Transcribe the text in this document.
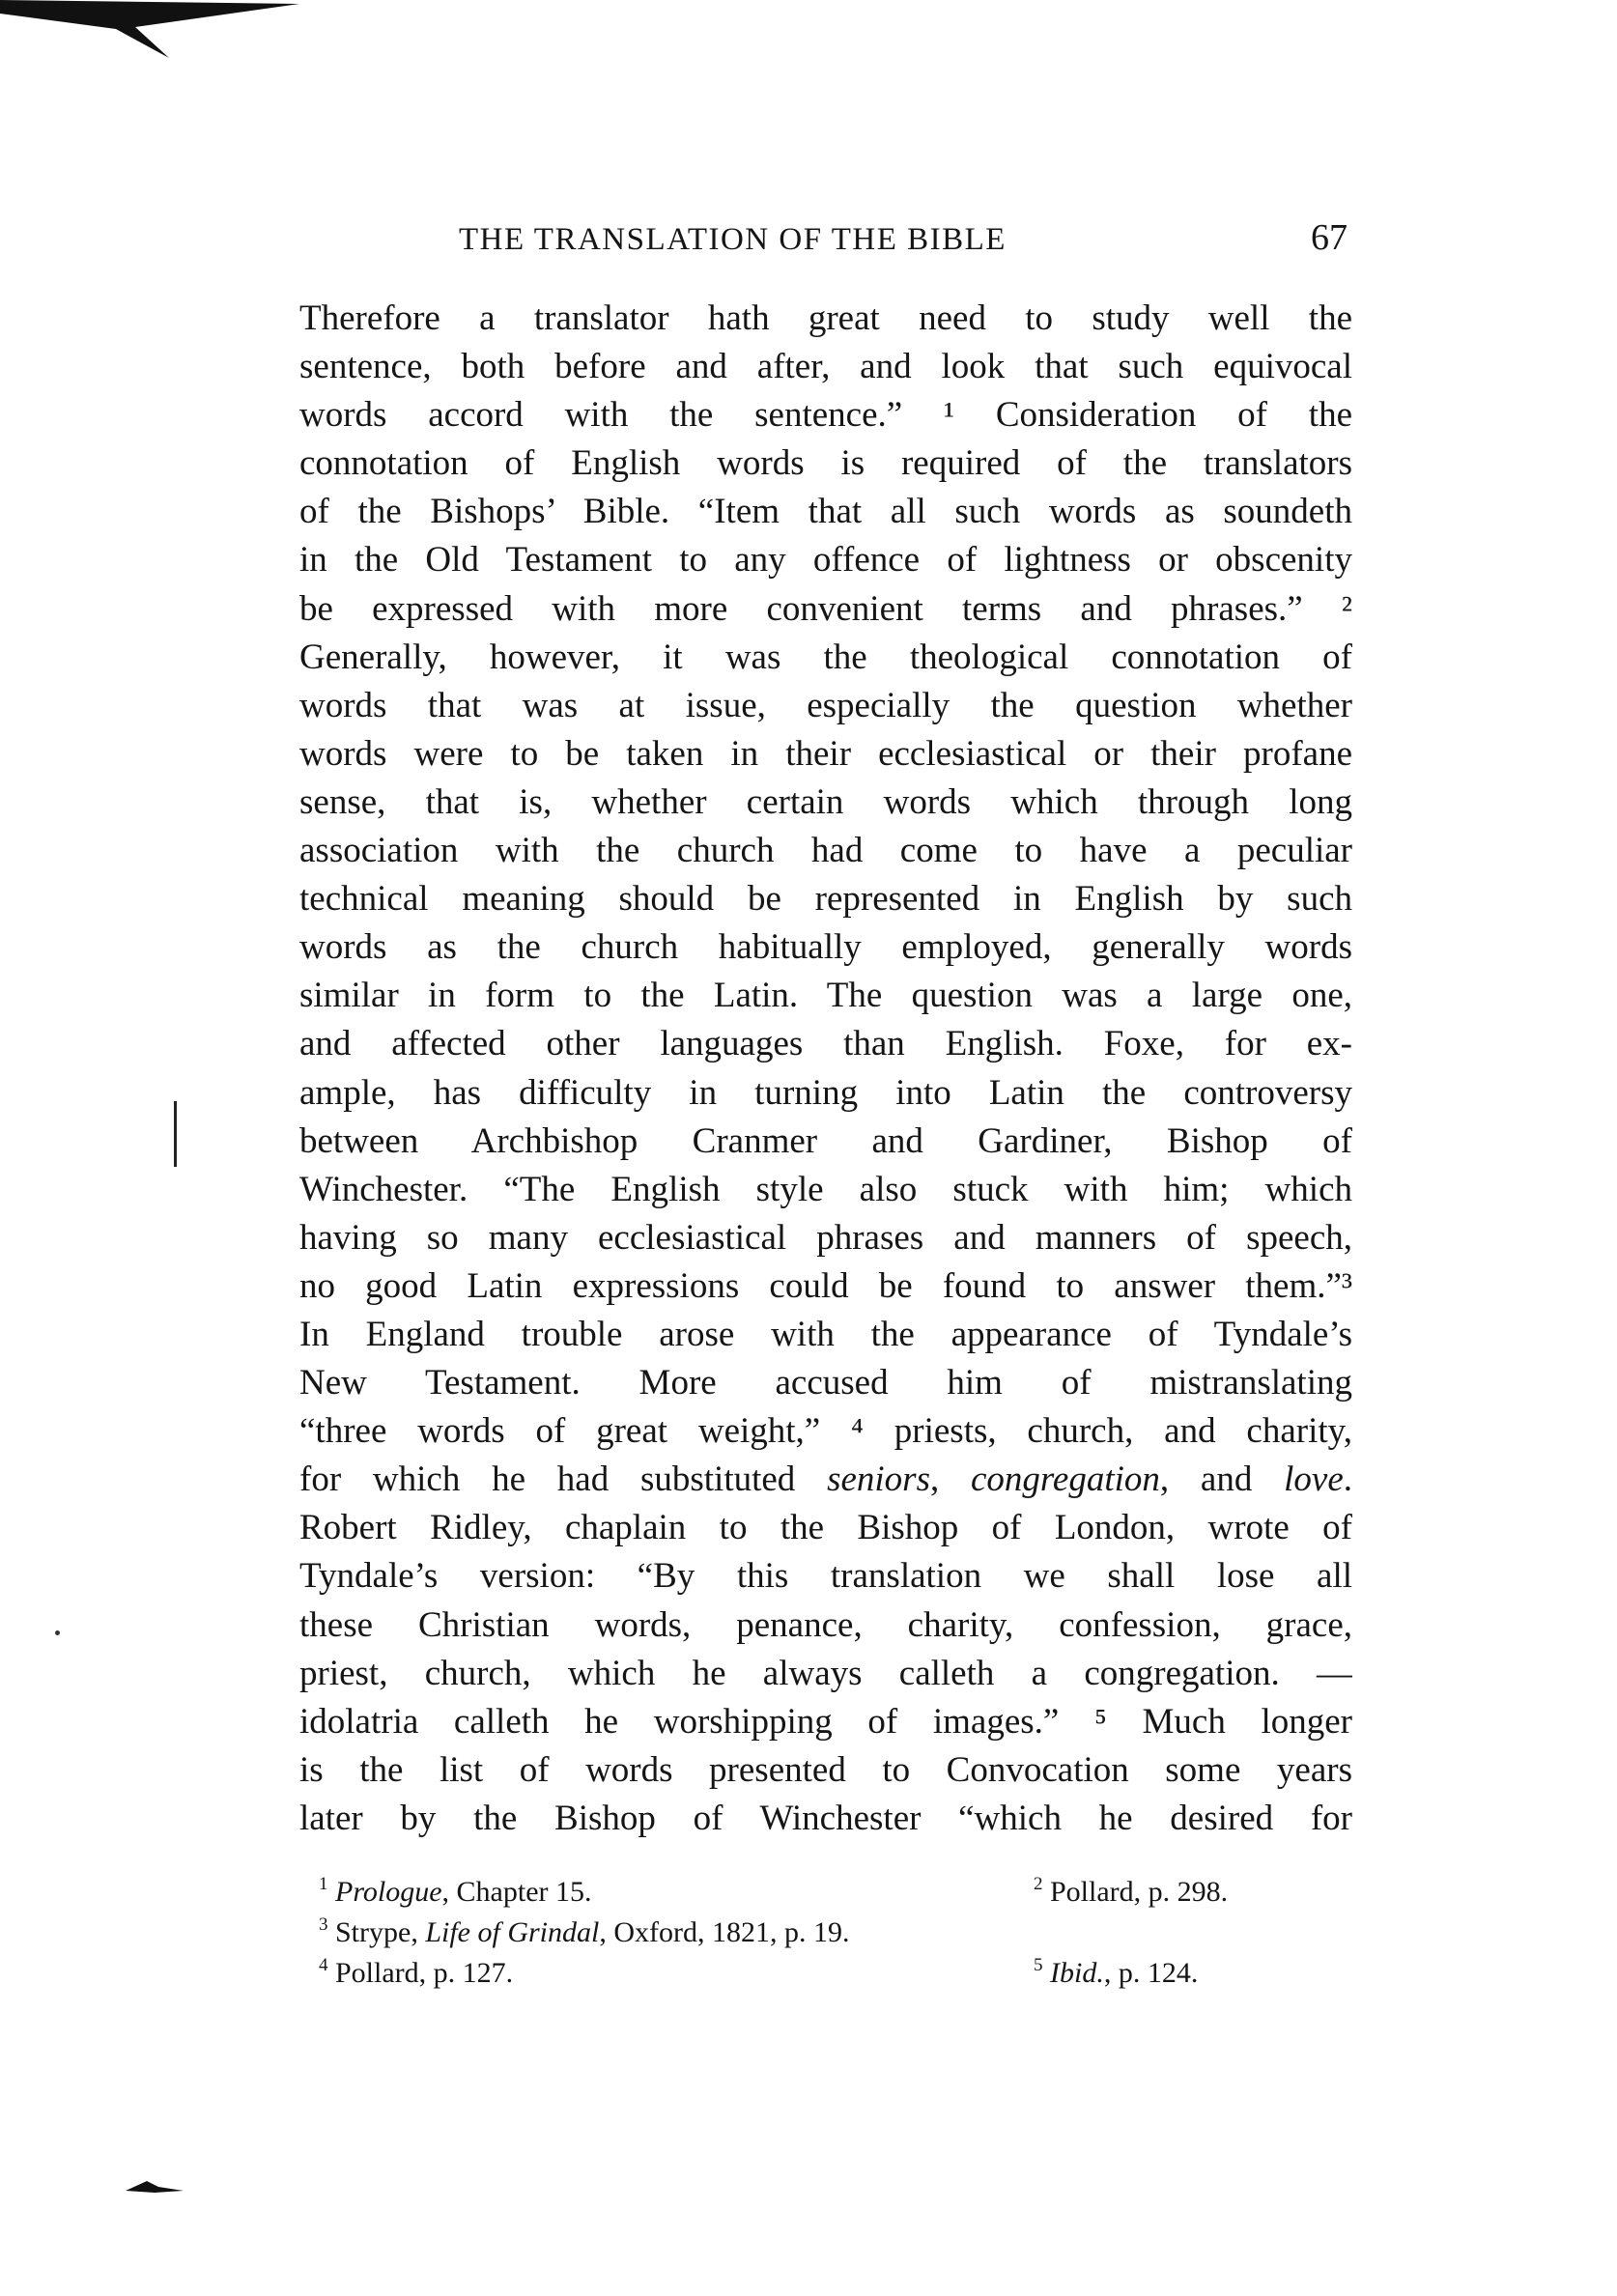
THE TRANSLATION OF THE BIBLE	67
Therefore a translator hath great need to study well the
sentence, both before and after, and look that such equivocal
words accord with the sentence.” ¹ Consideration of the
connotation of English words is required of the translators
of the Bishops’ Bible. “Item that all such words as soundeth
in the Old Testament to any offence of lightness or obscenity
be expressed with more convenient terms and phrases.” ²
Generally, however, it was the theological connotation of
words that was at issue, especially the question whether
words were to be taken in their ecclesiastical or their profane
sense, that is, whether certain words which through long
association with the church had come to have a peculiar
technical meaning should be represented in English by such
words as the church habitually employed, generally words
similar in form to the Latin. The question was a large one,
and affected other languages than English. Foxe, for ex-
ample, has difficulty in turning into Latin the controversy
between Archbishop Cranmer and Gardiner, Bishop of
Winchester. “The English style also stuck with him; which
having so many ecclesiastical phrases and manners of speech,
no good Latin expressions could be found to answer them.”³
In England trouble arose with the appearance of Tyndale’s
New Testament. More accused him of mistranslating
“three words of great weight,” ⁴ priests, church, and charity,
for which he had substituted seniors, congregation, and love.
Robert Ridley, chaplain to the Bishop of London, wrote of
Tyndale’s version: “By this translation we shall lose all
these Christian words, penance, charity, confession, grace,
priest, church, which he always calleth a congregation. —
idolatria calleth he worshipping of images.” ⁵ Much longer
is the list of words presented to Convocation some years
later by the Bishop of Winchester “which he desired for
$^1$ Prologue, Chapter 15.	$^2$ Pollard, p. 298.
$^3$ Strype, Life of Grindal, Oxford, 1821, p. 19.
$^4$ Pollard, p. 127.	$^5$ Ibid., p. 124.
